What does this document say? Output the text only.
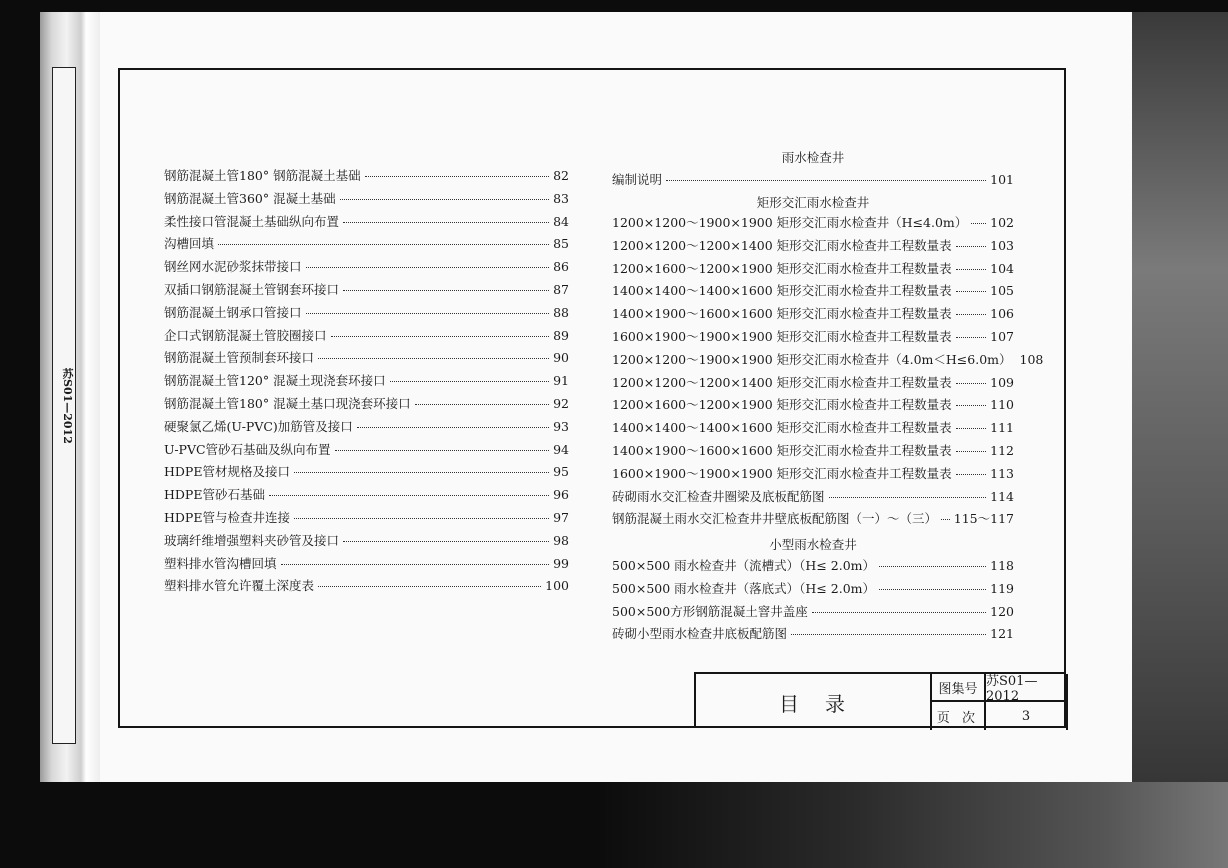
苏S01—2012
钢筋混凝土管180° 钢筋混凝土基础	82
钢筋混凝土管360° 混凝土基础	83
柔性接口管混凝土基础纵向布置	84
沟槽回填	85
钢丝网水泥砂浆抹带接口	86
双插口钢筋混凝土管钢套环接口	87
钢筋混凝土钢承口管接口	88
企口式钢筋混凝土管胶圈接口	89
钢筋混凝土管预制套环接口	90
钢筋混凝土管120° 混凝土现浇套环接口	91
钢筋混凝土管180° 混凝土基口现浇套环接口	92
硬聚氯乙烯(U-PVC)加筋管及接口	93
U-PVC管砂石基础及纵向布置	94
HDPE管材规格及接口	95
HDPE管砂石基础	96
HDPE管与检查井连接	97
玻璃纤维增强塑料夹砂管及接口	98
塑料排水管沟槽回填	99
塑料排水管允许覆土深度表	100
雨水检查井
编制说明	101
矩形交汇雨水检查井
1200×1200～1900×1900 矩形交汇雨水检查井（H≤4.0m） 102
1200×1200～1200×1400 矩形交汇雨水检查井工程数量表	103
1200×1600～1200×1900 矩形交汇雨水检查井工程数量表	104
1400×1400～1400×1600 矩形交汇雨水检查井工程数量表	105
1400×1900～1600×1600 矩形交汇雨水检查井工程数量表	106
1600×1900～1900×1900 矩形交汇雨水检查井工程数量表	107
1200×1200～1900×1900 矩形交汇雨水检查井（4.0m＜H≤6.0m） 108
1200×1200～1200×1400 矩形交汇雨水检查井工程数量表	109
1200×1600～1200×1900 矩形交汇雨水检查井工程数量表	110
1400×1400～1400×1600 矩形交汇雨水检查井工程数量表	111
1400×1900～1600×1600 矩形交汇雨水检查井工程数量表	112
1600×1900～1900×1900 矩形交汇雨水检查井工程数量表	113
砖砌雨水交汇检查井圈梁及底板配筋图	114
钢筋混凝土雨水交汇检查井井壁底板配筋图（一）～（三） 115～117
小型雨水检查井
500×500 雨水检查井（流槽式）（H≤ 2.0m）	118
500×500 雨水检查井（落底式）（H≤ 2.0m）	119
500×500方形钢筋混凝土窨井盖座	120
砖砌小型雨水检查井底板配筋图	121
目录
图集号 苏S01—2012
页 次	3
